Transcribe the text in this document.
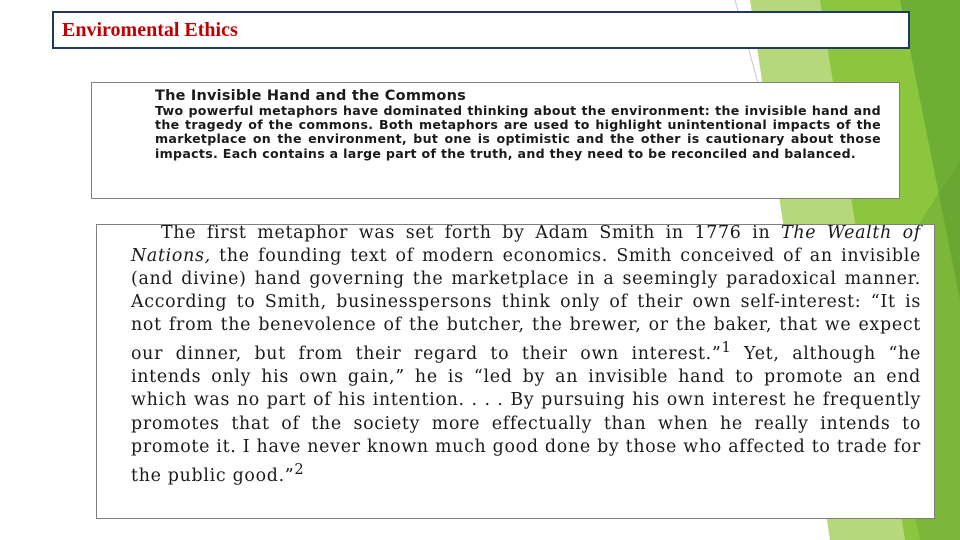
Enviromental Ethics
The Invisible Hand and the Commons
Two powerful metaphors have dominated thinking about the environment: the invisible hand and the tragedy of the commons. Both metaphors are used to highlight unintentional impacts of the marketplace on the environment, but one is optimistic and the other is cautionary about those impacts. Each contains a large part of the truth, and they need to be reconciled and balanced.
The first metaphor was set forth by Adam Smith in 1776 in The Wealth of Nations, the founding text of modern economics. Smith conceived of an invisible (and divine) hand governing the marketplace in a seemingly paradoxical manner. According to Smith, businesspersons think only of their own self-interest: “It is not from the benevolence of the butcher, the brewer, or the baker, that we expect our dinner, but from their regard to their own interest.”$^1$ Yet, although “he intends only his own gain,” he is “led by an invisible hand to promote an end which was no part of his intention. . . . By pursuing his own interest he frequently promotes that of the society more effectually than when he really intends to promote it. I have never known much good done by those who affected to trade for the public good.”$^2$
